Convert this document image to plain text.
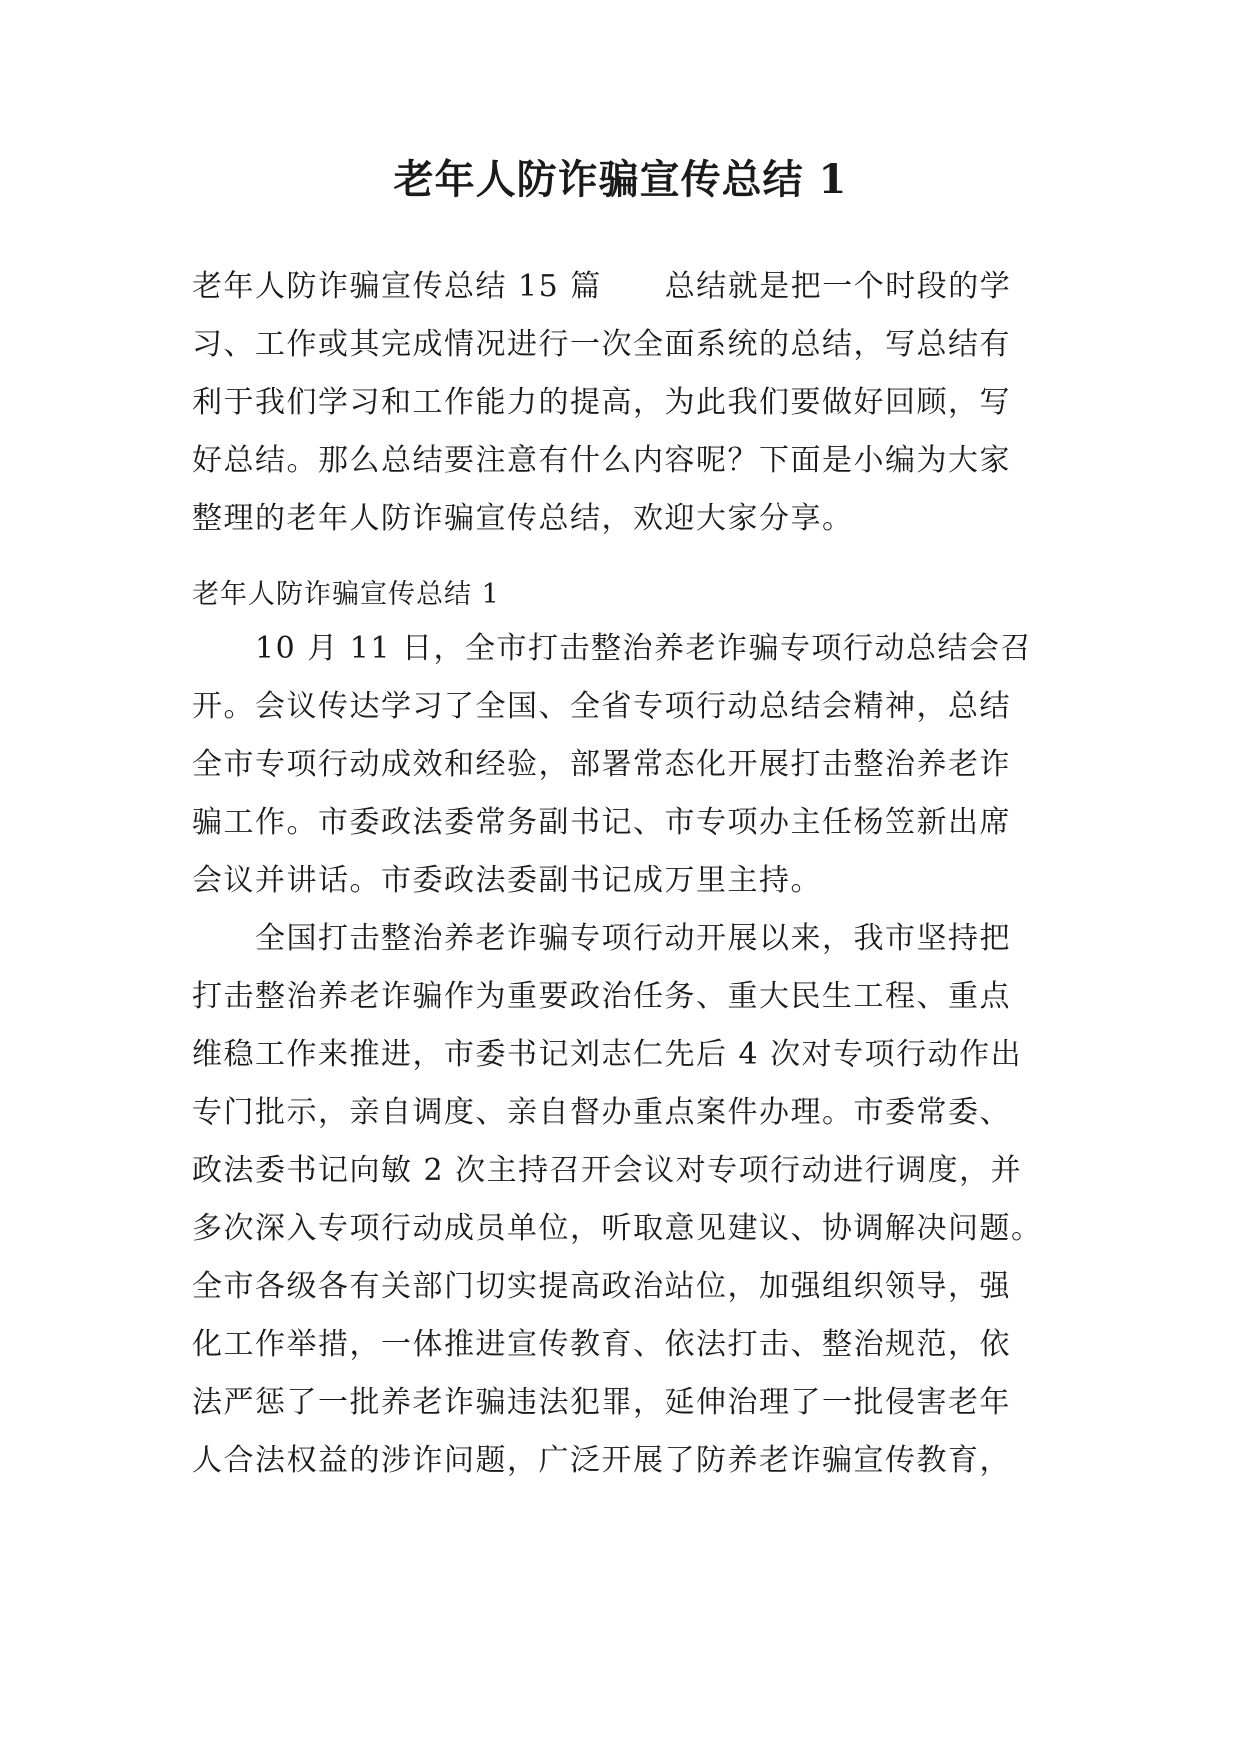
老年人防诈骗宣传总结 1
老年人防诈骗宣传总结 15 篇　　总结就是把一个时段的学
习、工作或其完成情况进行一次全面系统的总结，写总结有
利于我们学习和工作能力的提高，为此我们要做好回顾，写
好总结。那么总结要注意有什么内容呢？下面是小编为大家
整理的老年人防诈骗宣传总结，欢迎大家分享。
老年人防诈骗宣传总结 1
　　10 月 11 日，全市打击整治养老诈骗专项行动总结会召
开。会议传达学习了全国、全省专项行动总结会精神，总结
全市专项行动成效和经验，部署常态化开展打击整治养老诈
骗工作。市委政法委常务副书记、市专项办主任杨笠新出席
会议并讲话。市委政法委副书记成万里主持。
　　全国打击整治养老诈骗专项行动开展以来，我市坚持把
打击整治养老诈骗作为重要政治任务、重大民生工程、重点
维稳工作来推进，市委书记刘志仁先后 4 次对专项行动作出
专门批示，亲自调度、亲自督办重点案件办理。市委常委、
政法委书记向敏 2 次主持召开会议对专项行动进行调度，并
多次深入专项行动成员单位，听取意见建议、协调解决问题。
全市各级各有关部门切实提高政治站位，加强组织领导，强
化工作举措，一体推进宣传教育、依法打击、整治规范，依
法严惩了一批养老诈骗违法犯罪，延伸治理了一批侵害老年
人合法权益的涉诈问题，广泛开展了防养老诈骗宣传教育，
